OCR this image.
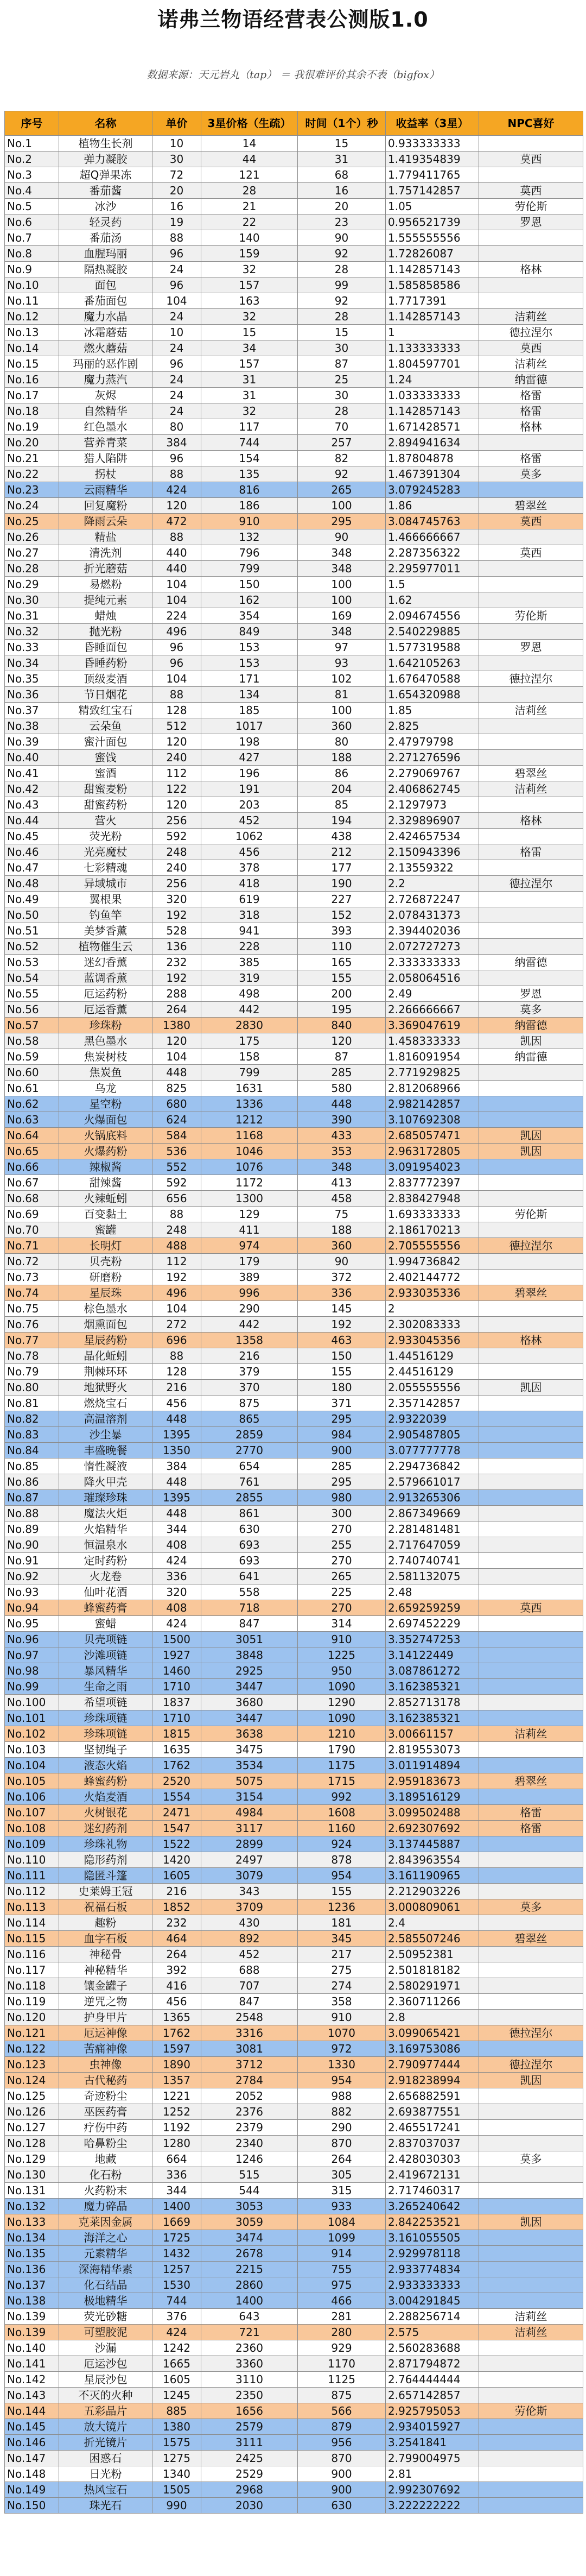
诺弗兰物语经营表公测版1.0
数据来源：天元岩丸（tap） ＝ 我很难评价其余不表（bigfox）
序号	名称	单价	3星价格（生疏）	时间（1个）秒	收益率（3星）	NPC喜好
No.1	植物生长剂	10	14	15	0.933333333	
No.2	弹力凝胶	30	44	31	1.419354839	莫西
No.3	超Q弹果冻	72	121	68	1.779411765	
No.4	番茄酱	20	28	16	1.757142857	莫西
No.5	冰沙	16	21	20	1.05	劳伦斯
No.6	轻灵药	19	22	23	0.956521739	罗恩
No.7	番茄汤	88	140	90	1.555555556	
No.8	血腥玛丽	96	159	92	1.72826087	
No.9	隔热凝胶	24	32	28	1.142857143	格林
No.10	面包	96	157	99	1.585858586	
No.11	番茄面包	104	163	92	1.7717391	
No.12	魔力水晶	24	32	28	1.142857143	洁莉丝
No.13	冰霜蘑菇	10	15	15	1	德拉涅尔
No.14	燃火蘑菇	24	34	30	1.133333333	莫西
No.15	玛丽的恶作剧	96	157	87	1.804597701	洁莉丝
No.16	魔力蒸汽	24	31	25	1.24	纳雷德
No.17	灰烬	24	31	30	1.033333333	格雷
No.18	自然精华	24	32	28	1.142857143	格雷
No.19	红色墨水	80	117	70	1.671428571	格林
No.20	营养青菜	384	744	257	2.894941634	
No.21	猎人陷阱	96	154	82	1.87804878	格雷
No.22	拐杖	88	135	92	1.467391304	莫多
No.23	云雨精华	424	816	265	3.079245283	
No.24	回复魔粉	120	186	100	1.86	碧翠丝
No.25	降雨云朵	472	910	295	3.084745763	莫西
No.26	精盐	88	132	90	1.466666667	
No.27	清洗剂	440	796	348	2.287356322	莫西
No.28	折光蘑菇	440	799	348	2.295977011	
No.29	易燃粉	104	150	100	1.5	
No.30	提纯元素	104	162	100	1.62	
No.31	蜡烛	224	354	169	2.094674556	劳伦斯
No.32	抛光粉	496	849	348	2.540229885	
No.33	昏睡面包	96	153	97	1.577319588	罗恩
No.34	昏睡药粉	96	153	93	1.642105263	
No.35	顶级麦酒	104	171	102	1.676470588	德拉涅尔
No.36	节日烟花	88	134	81	1.654320988	
No.37	精致红宝石	128	185	100	1.85	洁莉丝
No.38	云朵鱼	512	1017	360	2.825	
No.39	蜜汁面包	120	198	80	2.47979798	
No.40	蜜饯	240	427	188	2.271276596	
No.41	蜜酒	112	196	86	2.279069767	碧翠丝
No.42	甜蜜麦粉	122	191	204	2.406862745	洁莉丝
No.43	甜蜜药粉	120	203	85	2.1297973	
No.44	营火	256	452	194	2.329896907	格林
No.45	荧光粉	592	1062	438	2.424657534	
No.46	光亮魔杖	248	456	212	2.150943396	格雷
No.47	七彩精魂	240	378	177	2.13559322	
No.48	异域城市	256	418	190	2.2	德拉涅尔
No.49	翼根果	320	619	227	2.726872247	
No.50	钓鱼竿	192	318	152	2.078431373	
No.51	美梦香薰	528	941	393	2.394402036	
No.52	植物催生云	136	228	110	2.072727273	
No.53	迷幻香薰	232	385	165	2.333333333	纳雷德
No.54	蓝调香薰	192	319	155	2.058064516	
No.55	厄运药粉	288	498	200	2.49	罗恩
No.56	厄运香薰	264	442	195	2.266666667	莫多
No.57	珍珠粉	1380	2830	840	3.369047619	纳雷德
No.58	黑色墨水	120	175	120	1.458333333	凯因
No.59	焦炭树枝	104	158	87	1.816091954	纳雷德
No.60	焦炭鱼	448	799	285	2.771929825	
No.61	乌龙	825	1631	580	2.812068966	
No.62	星空粉	680	1336	448	2.982142857	
No.63	火爆面包	624	1212	390	3.107692308	
No.64	火锅底料	584	1168	433	2.685057471	凯因
No.65	火爆药粉	536	1046	353	2.963172805	凯因
No.66	辣椒酱	552	1076	348	3.091954023	
No.67	甜辣酱	592	1172	413	2.837772397	
No.68	火辣蚯蚓	656	1300	458	2.838427948	
No.69	百变黏土	88	129	75	1.693333333	劳伦斯
No.70	蜜罐	248	411	188	2.186170213	
No.71	长明灯	488	974	360	2.705555556	德拉涅尔
No.72	贝壳粉	112	179	90	1.994736842	
No.73	研磨粉	192	389	372	2.402144772	
No.74	星辰珠	496	996	336	2.933035336	碧翠丝
No.75	棕色墨水	104	290	145	2	
No.76	烟熏面包	272	442	192	2.302083333	
No.77	星辰药粉	696	1358	463	2.933045356	格林
No.78	晶化蚯蚓	88	216	150	1.44516129	
No.79	荆棘环环	128	379	155	2.44516129	
No.80	地狱野火	216	370	180	2.055555556	凯因
No.81	燃烧宝石	456	875	371	2.357142857	
No.82	高温溶剂	448	865	295	2.9322039	
No.83	沙尘暴	1395	2859	984	2.905487805	
No.84	丰盛晚餐	1350	2770	900	3.077777778	
No.85	惰性凝液	384	654	285	2.294736842	
No.86	降火甲壳	448	761	295	2.579661017	
No.87	璀璨珍珠	1395	2855	980	2.913265306	
No.88	魔法火炬	448	861	300	2.867349669	
No.89	火焰精华	344	630	270	2.281481481	
No.90	恒温泉水	408	693	255	2.717647059	
No.91	定时药粉	424	693	270	2.740740741	
No.92	火龙卷	336	641	265	2.581132075	
No.93	仙叶花酒	320	558	225	2.48	
No.94	蜂蜜药膏	408	718	270	2.659259259	莫西
No.95	蜜蜡	424	847	314	2.697452229	
No.96	贝壳项链	1500	3051	910	3.352747253	
No.97	沙滩项链	1927	3848	1225	3.14122449	
No.98	暴风精华	1460	2925	950	3.087861272	
No.99	生命之雨	1710	3447	1090	3.162385321	
No.100	希望项链	1837	3680	1290	2.852713178	
No.101	珍珠项链	1710	3447	1090	3.162385321	
No.102	珍珠项链	1815	3638	1210	3.00661157	洁莉丝
No.103	坚韧绳子	1635	3475	1790	2.819553073	
No.104	液态火焰	1762	3534	1175	3.011914894	
No.105	蜂蜜药粉	2520	5075	1715	2.959183673	碧翠丝
No.106	火焰麦酒	1554	3154	992	3.189516129	
No.107	火树银花	2471	4984	1608	3.099502488	格雷
No.108	迷幻药剂	1547	3117	1160	2.692307692	格雷
No.109	珍珠礼物	1522	2899	924	3.137445887	
No.110	隐形药剂	1420	2497	878	2.843963554	
No.111	隐匿斗篷	1605	3079	954	3.161190965	
No.112	史莱姆王冠	216	343	155	2.212903226	
No.113	祝福石板	1852	3709	1236	3.000809061	莫多
No.114	趣粉	232	430	181	2.4	
No.115	血字石板	464	892	345	2.585507246	碧翠丝
No.116	神秘骨	264	452	217	2.50952381	
No.117	神秘精华	392	688	275	2.501818182	
No.118	镶金罐子	416	707	274	2.580291971	
No.119	逆咒之物	456	847	358	2.360711266	
No.120	护身甲片	1365	2548	910	2.8	
No.121	厄运神像	1762	3316	1070	3.099065421	德拉涅尔
No.122	苦痛神像	1597	3081	972	3.169753086	
No.123	虫神像	1890	3712	1330	2.790977444	德拉涅尔
No.124	古代秘药	1357	2784	954	2.918238994	凯因
No.125	奇迹粉尘	1221	2052	988	2.656882591	
No.126	巫医药膏	1252	2376	882	2.693877551	
No.127	疗伤中药	1192	2379	290	2.465517241	
No.128	哈鼻粉尘	1280	2340	870	2.837037037	
No.129	地藏	664	1246	264	2.428030303	莫多
No.130	化石粉	336	515	305	2.419672131	
No.131	火药粉末	344	544	315	2.717460317	
No.132	魔力碎晶	1400	3053	933	3.265240642	
No.133	克莱因金属	1669	3059	1084	2.842253521	凯因
No.134	海洋之心	1725	3474	1099	3.161055505	
No.135	元素精华	1432	2678	914	2.929978118	
No.136	深海精华素	1257	2215	755	2.933774834	
No.137	化石结晶	1530	2860	975	2.933333333	
No.138	极地精华	744	1400	466	3.004291845	
No.139	荧光砂糖	376	643	281	2.288256714	洁莉丝
No.139	可塑胶泥	424	721	280	2.575	洁莉丝
No.140	沙漏	1242	2360	929	2.560283688	
No.141	厄运沙包	1665	3360	1170	2.871794872	
No.142	星辰沙包	1605	3110	1125	2.764444444	
No.143	不灭的火种	1245	2350	875	2.657142857	
No.144	五彩晶片	885	1656	566	2.925795053	劳伦斯
No.145	放大镜片	1380	2579	879	2.934015927	
No.146	折光镜片	1575	3111	956	3.2541841	
No.147	困惑石	1275	2425	870	2.799004975	
No.148	日光粉	1340	2529	900	2.81	
No.149	热风宝石	1505	2968	900	2.992307692	
No.150	珠光石	990	2030	630	3.222222222	
